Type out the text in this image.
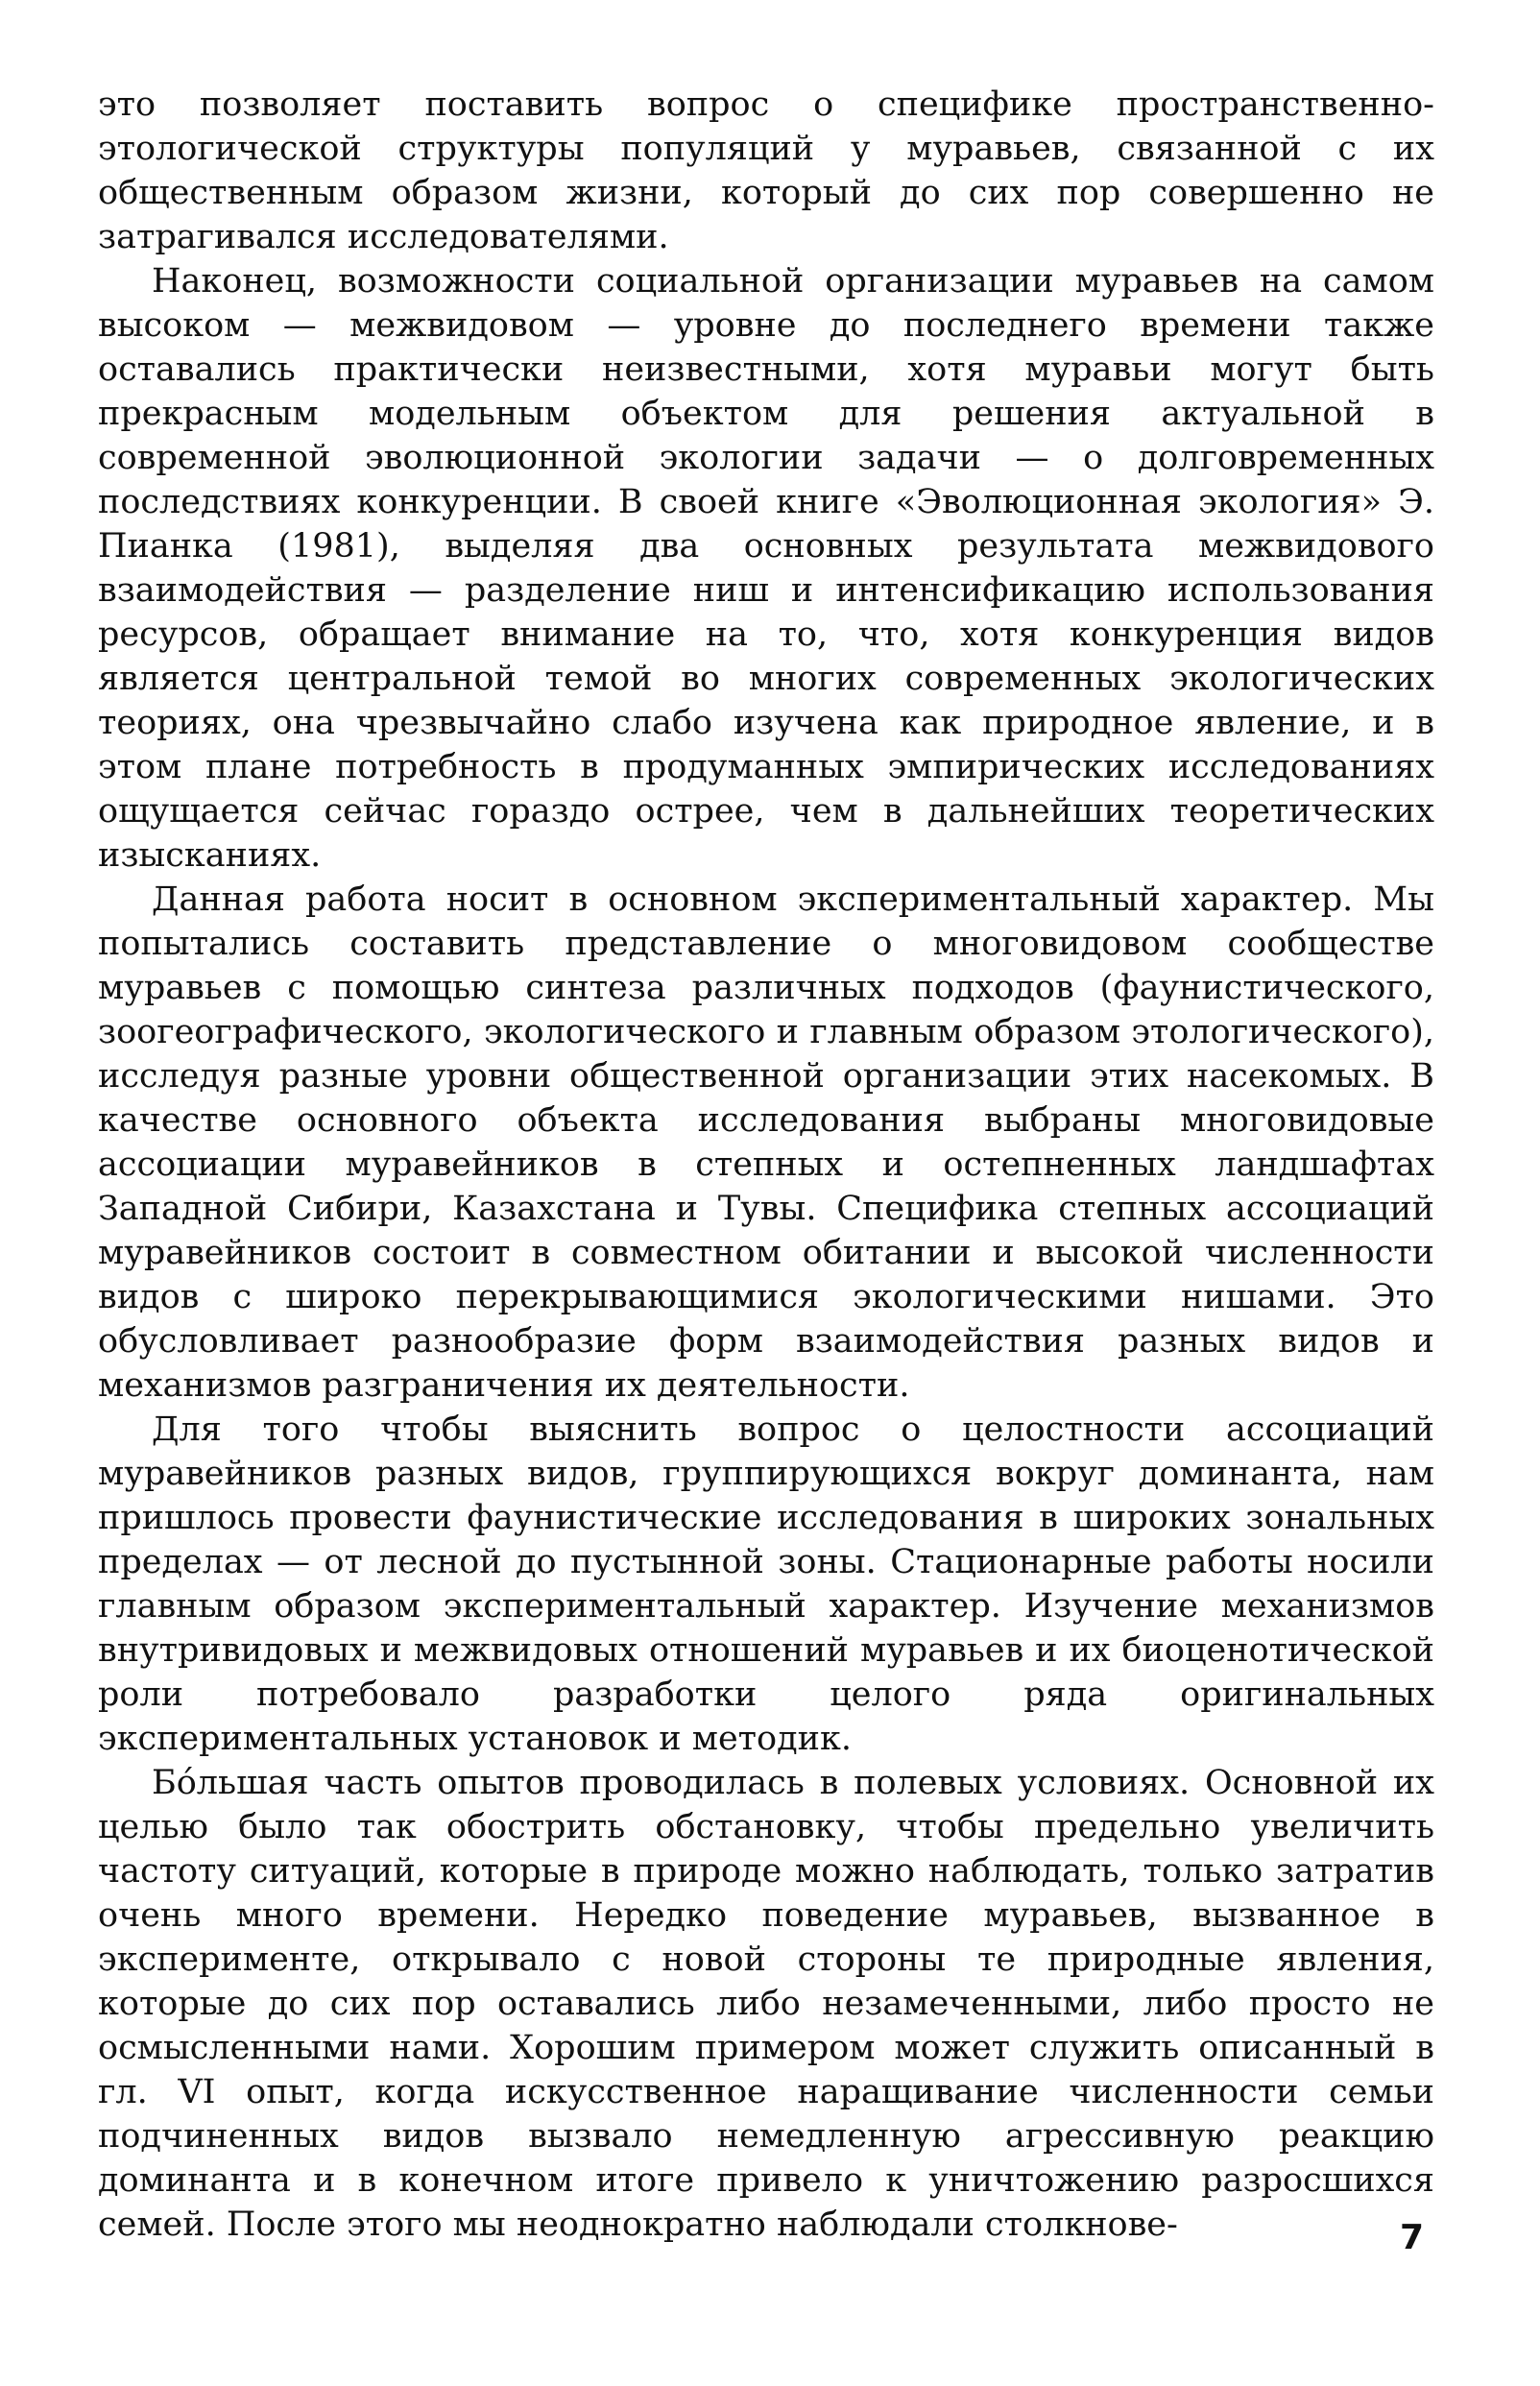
это позволяет поставить вопрос о специфике пространственно-этологической структуры популяций у муравьев, связанной с их общественным образом жизни, который до сих пор совершенно не затрагивался исследователями.

Наконец, возможности социальной организации муравьев на самом высоком — межвидовом — уровне до последнего времени также оставались практически неизвестными, хотя муравьи могут быть прекрасным модельным объектом для решения актуальной в современной эволюционной экологии задачи — о долговременных последствиях конкуренции. В своей книге «Эволюционная экология» Э. Пианка (1981), выделяя два основных результата межвидового взаимодействия — разделение ниш и интенсификацию использования ресурсов, обращает внимание на то, что, хотя конкуренция видов является центральной темой во многих современных экологических теориях, она чрезвычайно слабо изучена как природное явление, и в этом плане потребность в продуманных эмпирических исследованиях ощущается сейчас гораздо острее, чем в дальнейших теоретических изысканиях.

Данная работа носит в основном экспериментальный характер. Мы попытались составить представление о многовидовом сообществе муравьев с помощью синтеза различных подходов (фаунистического, зоогеографического, экологического и главным образом этологического), исследуя разные уровни общественной организации этих насекомых. В качестве основного объекта исследования выбраны многовидовые ассоциации муравейников в степных и остепненных ландшафтах Западной Сибири, Казахстана и Тувы. Специфика степных ассоциаций муравейников состоит в совместном обитании и высокой численности видов с широко перекрывающимися экологическими нишами. Это обусловливает разнообразие форм взаимодействия разных видов и механизмов разграничения их деятельности.

Для того чтобы выяснить вопрос о целостности ассоциаций муравейников разных видов, группирующихся вокруг доминанта, нам пришлось провести фаунистические исследования в широких зональных пределах — от лесной до пустынной зоны. Стационарные работы носили главным образом экспериментальный характер. Изучение механизмов внутривидовых и межвидовых отношений муравьев и их биоценотической роли потребовало разработки целого ряда оригинальных экспериментальных установок и методик.

Бо́льшая часть опытов проводилась в полевых условиях. Основной их целью было так обострить обстановку, чтобы предельно увеличить частоту ситуаций, которые в природе можно наблюдать, только затратив очень много времени. Нередко поведение муравьев, вызванное в эксперименте, открывало с новой стороны те природные явления, которые до сих пор оставались либо незамеченными, либо просто не осмысленными нами. Хорошим примером может служить описанный в гл. VI опыт, когда искусственное наращивание численности семьи подчиненных видов вызвало немедленную агрессивную реакцию доминанта и в конечном итоге привело к уничтожению разросшихся семей. После этого мы неоднократно наблюдали столкнове-	7
